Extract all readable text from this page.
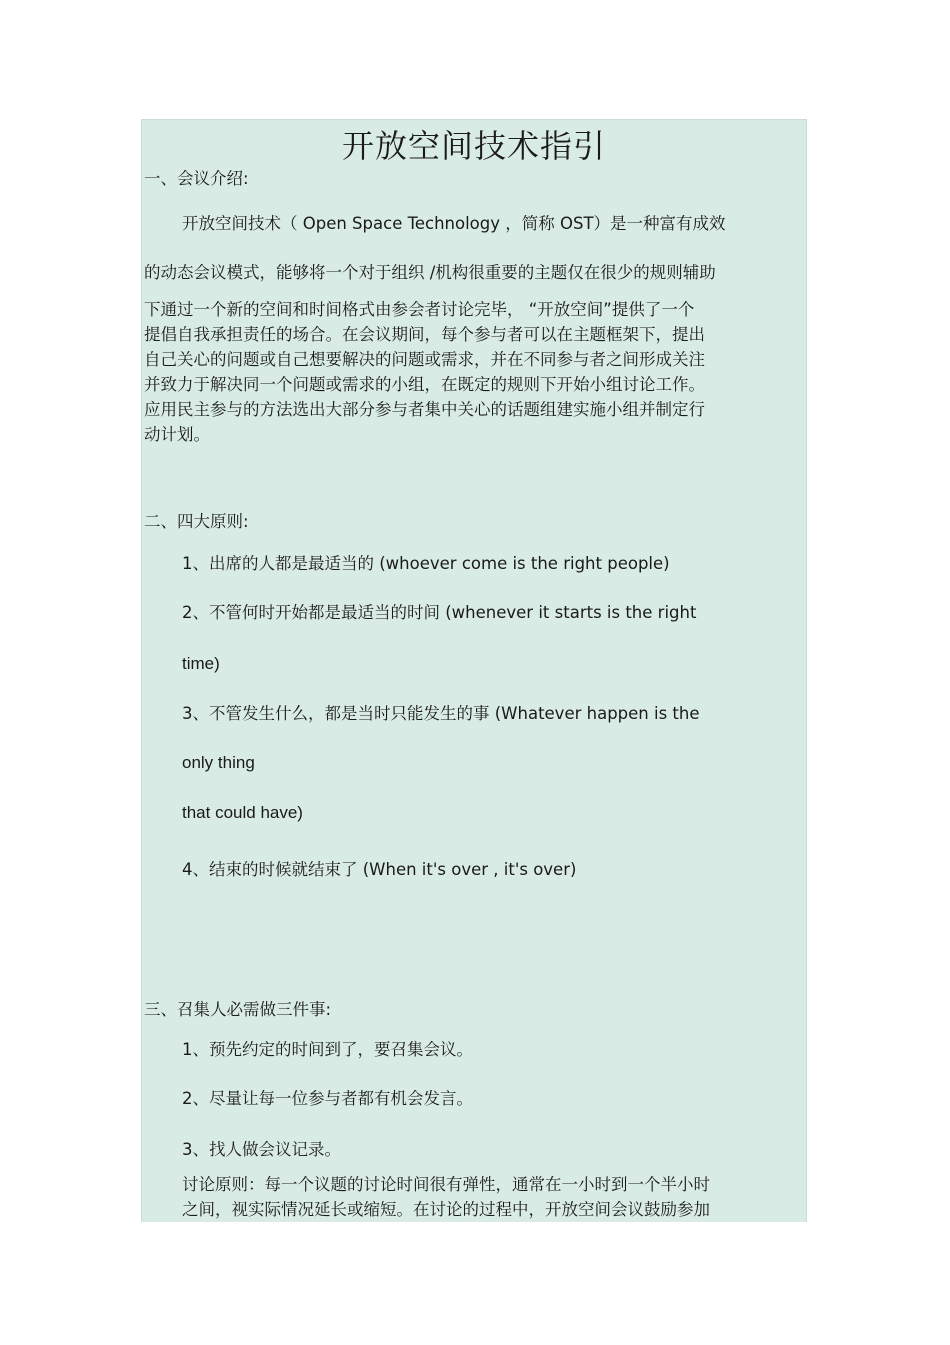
开放空间技术指引
一、会议介绍:
开放空间技术（ Open Space Technology ，简称 OST）是一种富有成效
的动态会议模式，能够将一个对于组织 /机构很重要的主题仅在很少的规则辅助
下通过一个新的空间和时间格式由参会者讨论完毕， “开放空间”提供了一个
提倡自我承担责任的场合。在会议期间，每个参与者可以在主题框架下，提出
自己关心的问题或自己想要解决的问题或需求，并在不同参与者之间形成关注
并致力于解决同一个问题或需求的小组，在既定的规则下开始小组讨论工作。
应用民主参与的方法选出大部分参与者集中关心的话题组建实施小组并制定行
动计划。
二、四大原则:
1、出席的人都是最适当的 (whoever come is the right people)
2、不管何时开始都是最适当的时间 (whenever it starts is the right
time)
3、不管发生什么，都是当时只能发生的事 (Whatever happen is the
only thing
that could have)
4、结束的时候就结束了 (When it's over , it's over)
三、召集人必需做三件事:
1、预先约定的时间到了，要召集会议。
2、尽量让每一位参与者都有机会发言。
3、找人做会议记录。
讨论原则：每一个议题的讨论时间很有弹性，通常在一小时到一个半小时
之间，视实际情况延长或缩短。在讨论的过程中，开放空间会议鼓励参加
